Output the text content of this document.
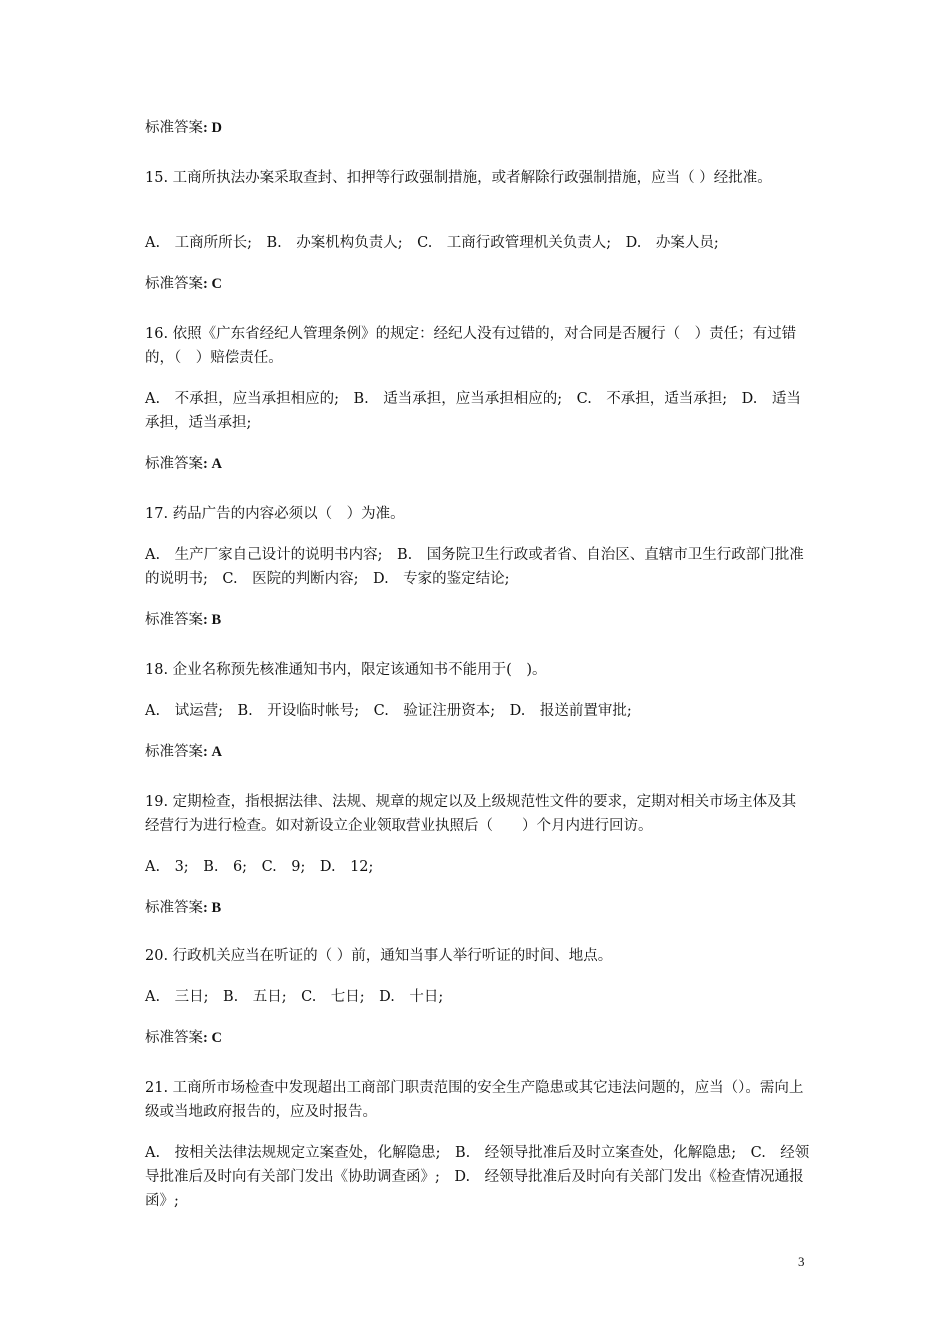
标准答案: D

15. 工商所执法办案采取查封、扣押等行政强制措施，或者解除行政强制措施，应当（ ）经批准。

A.　工商所所长;　B.　办案机构负责人;　C.　工商行政管理机关负责人;　D.　办案人员;

标准答案: C

16. 依照《广东省经纪人管理条例》的规定：经纪人没有过错的，对合同是否履行（　）责任；有过错的，（　）赔偿责任。

A.　不承担，应当承担相应的;　B.　适当承担，应当承担相应的;　C.　不承担，适当承担;　D.　适当承担，适当承担;

标准答案: A

17. 药品广告的内容必须以（　）为准。

A.　生产厂家自己设计的说明书内容;　B.　国务院卫生行政或者省、自治区、直辖市卫生行政部门批准的说明书;　C.　医院的判断内容;　D.　专家的鉴定结论;

标准答案: B

18. 企业名称预先核准通知书内，限定该通知书不能用于(　)。

A.　试运营;　B.　开设临时帐号;　C.　验证注册资本;　D.　报送前置审批;

标准答案: A

19. 定期检查，指根据法律、法规、规章的规定以及上级规范性文件的要求，定期对相关市场主体及其经营行为进行检查。如对新设立企业领取营业执照后（　　）个月内进行回访。

A.　3;　B.　6;　C.　9;　D.　12;

标准答案: B

20. 行政机关应当在听证的（ ）前，通知当事人举行听证的时间、地点。

A.　三日;　B.　五日;　C.　七日;　D.　十日;

标准答案: C

21. 工商所市场检查中发现超出工商部门职责范围的安全生产隐患或其它违法问题的，应当（）。需向上级或当地政府报告的，应及时报告。

A.　按相关法律法规规定立案查处，化解隐患;　B.　经领导批准后及时立案查处，化解隐患;　C.　经领导批准后及时向有关部门发出《协助调查函》;　D.　经领导批准后及时向有关部门发出《检查情况通报函》;

3
